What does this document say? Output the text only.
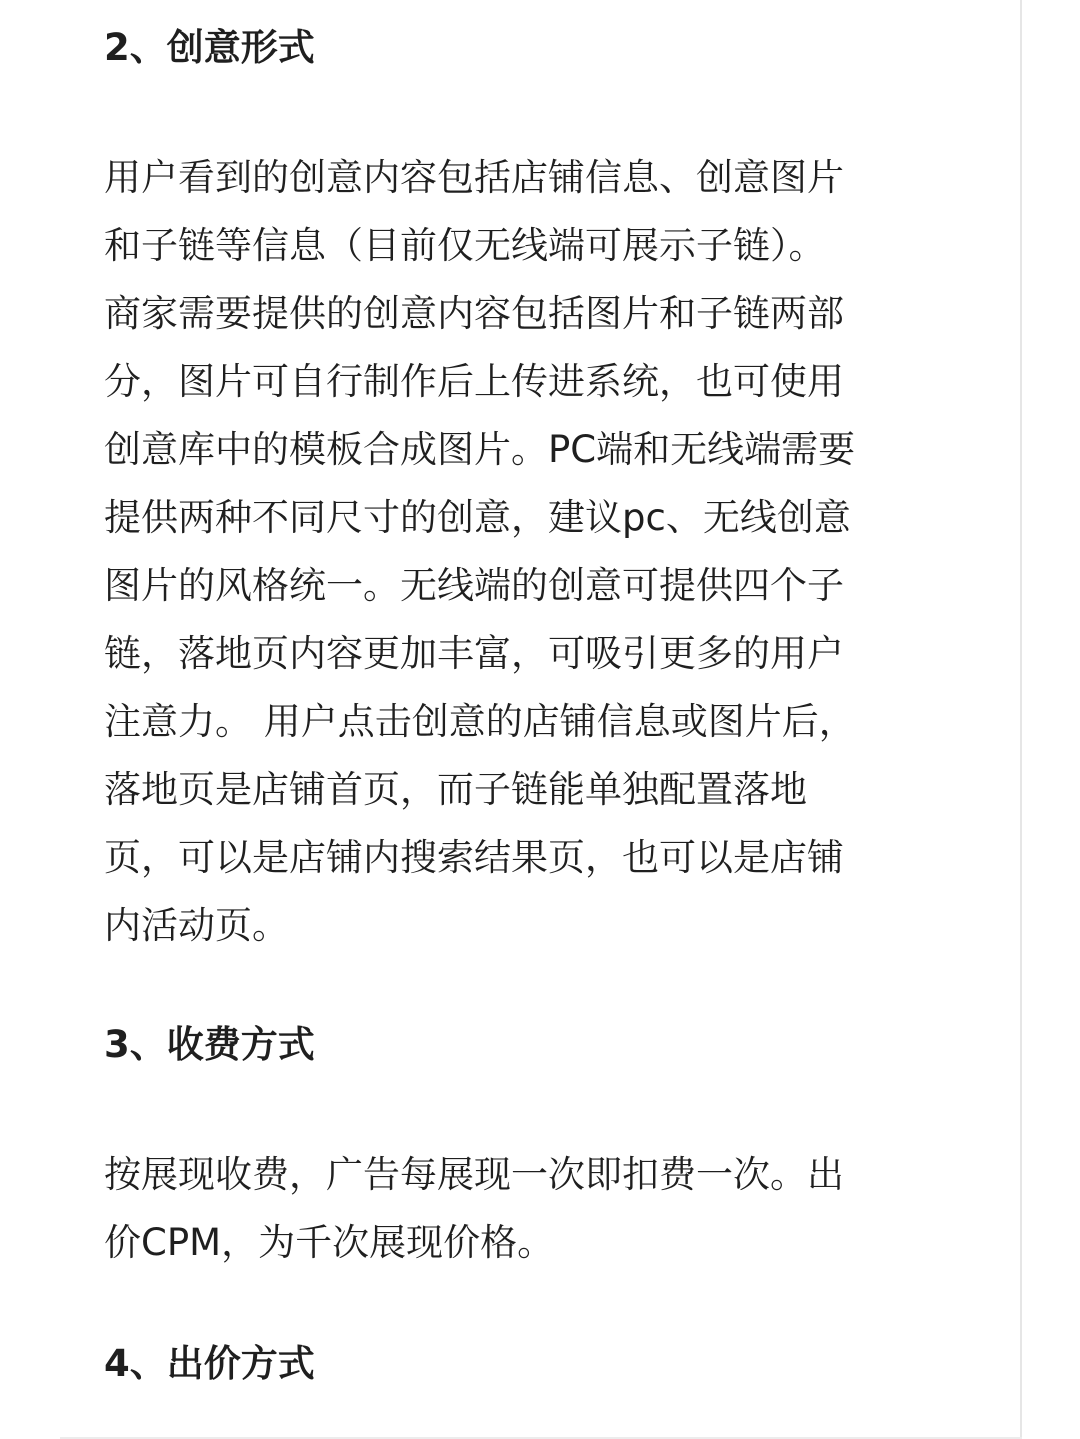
2、创意形式
用户看到的创意内容包括店铺信息、创意图片
和子链等信息（目前仅无线端可展示子链）。
商家需要提供的创意内容包括图片和子链两部
分，图片可自行制作后上传进系统，也可使用
创意库中的模板合成图片。PC端和无线端需要
提供两种不同尺寸的创意，建议pc、无线创意
图片的风格统一。无线端的创意可提供四个子
链，落地页内容更加丰富，可吸引更多的用户
注意力。 用户点击创意的店铺信息或图片后，
落地页是店铺首页，而子链能单独配置落地
页，可以是店铺内搜索结果页，也可以是店铺
内活动页。
3、收费方式
按展现收费，广告每展现一次即扣费一次。出
价CPM，为千次展现价格。
4、出价方式
